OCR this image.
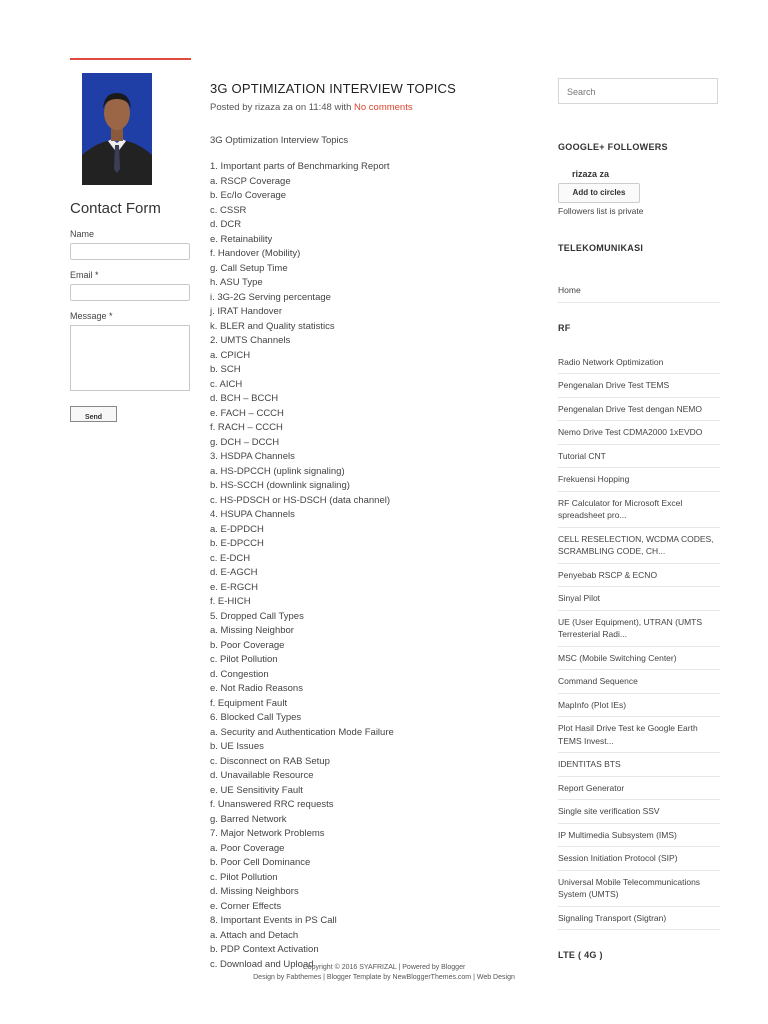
Contact Form
Name
Email *
Message *
Send
3G OPTIMIZATION INTERVIEW TOPICS
Posted by rizaza za on 11:48 with No comments
3G Optimization Interview Topics
1. Important parts of Benchmarking Report
a. RSCP Coverage
b. Ec/Io Coverage
c. CSSR
d. DCR
e. Retainability
f. Handover (Mobility)
g. Call Setup Time
h. ASU Type
i. 3G-2G Serving percentage
j. IRAT Handover
k. BLER and Quality statistics
2. UMTS Channels
a. CPICH
b. SCH
c. AICH
d. BCH – BCCH
e. FACH – CCCH
f. RACH – CCCH
g. DCH – DCCH
3. HSDPA Channels
a. HS-DPCCH (uplink signaling)
b. HS-SCCH (downlink signaling)
c. HS-PDSCH or HS-DSCH (data channel)
4. HSUPA Channels
a. E-DPDCH
b. E-DPCCH
c. E-DCH
d. E-AGCH
e. E-RGCH
f. E-HICH
5. Dropped Call Types
a. Missing Neighbor
b. Poor Coverage
c. Pilot Pollution
d. Congestion
e. Not Radio Reasons
f. Equipment Fault
6. Blocked Call Types
a. Security and Authentication Mode Failure
b. UE Issues
c. Disconnect on RAB Setup
d. Unavailable Resource
e. UE Sensitivity Fault
f. Unanswered RRC requests
g. Barred Network
7. Major Network Problems
a. Poor Coverage
b. Poor Cell Dominance
c. Pilot Pollution
d. Missing Neighbors
e. Corner Effects
8. Important Events in PS Call
a. Attach and Detach
b. PDP Context Activation
c. Download and Upload
Search
GOOGLE+ FOLLOWERS
rizaza za
Add to circles
Followers list is private
TELEKOMUNIKASI
Home
RF
Radio Network Optimization
Pengenalan Drive Test TEMS
Pengenalan Drive Test dengan NEMO
Nemo Drive Test CDMA2000 1xEVDO
Tutorial CNT
Frekuensi Hopping
RF Calculator for Microsoft Excel spreadsheet pro...
CELL RESELECTION, WCDMA CODES, SCRAMBLING CODE, CH...
Penyebab RSCP & ECNO
Sinyal Pilot
UE (User Equipment), UTRAN (UMTS Terresterial Radi...
MSC (Mobile Switching Center)
Command Sequence
MapInfo (Plot IEs)
Plot Hasil Drive Test ke Google Earth TEMS Invest...
IDENTITAS BTS
Report Generator
Single site verification SSV
IP Multimedia Subsystem (IMS)
Session Initiation Protocol (SIP)
Universal Mobile Telecommunications System (UMTS)
Signaling Transport (Sigtran)
LTE ( 4G )
Copyright © 2016 SYAFRIZAL | Powered by Blogger
Design by Fabthemes | Blogger Template by NewBloggerThemes.com | Web Design
